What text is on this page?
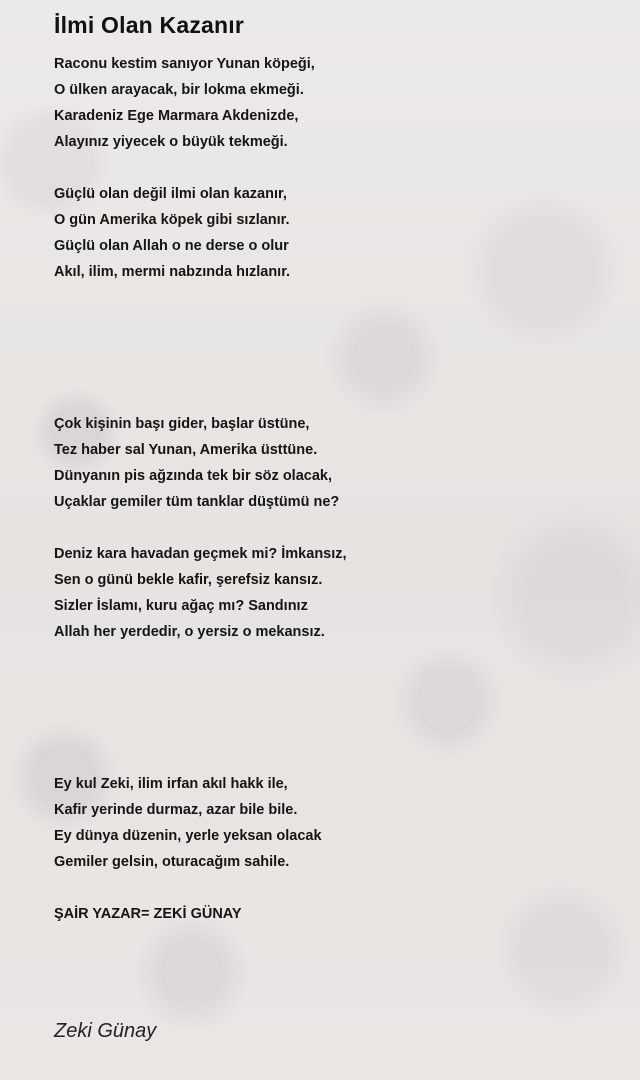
İlmi Olan Kazanır
Raconu kestim sanıyor Yunan köpeği,
O ülken arayacak, bir lokma ekmeği.
Karadeniz Ege Marmara Akdenizde,
Alayınız yiyecek o büyük tekmeği.
Güçlü olan değil ilmi olan kazanır,
O gün Amerika köpek gibi sızlanır.
Güçlü olan Allah o ne derse o olur
Akıl, ilim, mermi nabzında hızlanır.
Çok kişinin başı gider, başlar üstüne,
Tez haber sal Yunan, Amerika üsttüne.
Dünyanın pis ağzında tek bir söz olacak,
Uçaklar gemiler tüm tanklar düştümü ne?
Deniz kara havadan geçmek mi? İmkansız,
Sen o günü bekle kafir, şerefsiz kansız.
Sizler İslamı, kuru ağaç mı? Sandınız
Allah her yerdedir, o yersiz o mekansız.
Ey kul Zeki, ilim irfan akıl hakk ile,
Kafir yerinde durmaz, azar bile bile.
Ey dünya düzenin, yerle yeksan olacak
Gemiler gelsin, oturacağım sahile.
ŞAİR YAZAR= ZEKİ GÜNAY
Zeki Günay
